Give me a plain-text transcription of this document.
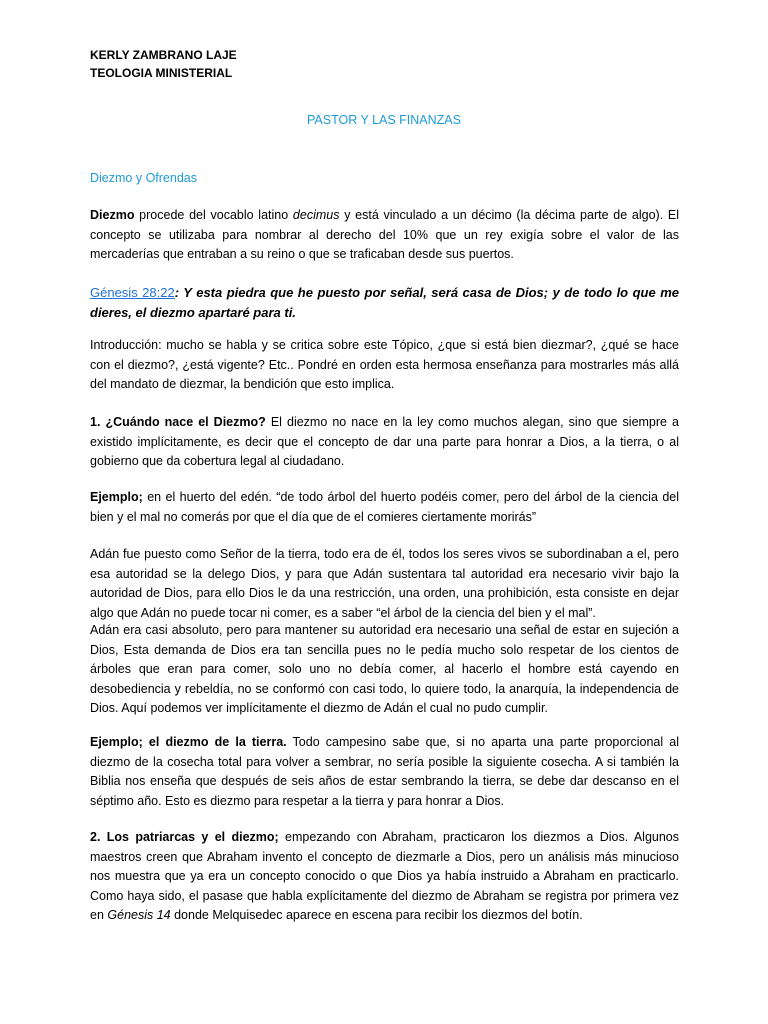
KERLY ZAMBRANO LAJE
TEOLOGIA MINISTERIAL
PASTOR Y LAS FINANZAS
Diezmo y Ofrendas
Diezmo procede del vocablo latino decimus y está vinculado a un décimo (la décima parte de algo). El concepto se utilizaba para nombrar al derecho del 10% que un rey exigía sobre el valor de las mercaderías que entraban a su reino o que se traficaban desde sus puertos.
Génesis 28:22: Y esta piedra que he puesto por señal, será casa de Dios; y de todo lo que me dieres, el diezmo apartaré para ti.
Introducción: mucho se habla y se critica sobre este Tópico, ¿que si está bien diezmar?, ¿qué se hace con el diezmo?, ¿está vigente? Etc.. Pondré en orden esta hermosa enseñanza para mostrarles más allá del mandato de diezmar, la bendición que esto implica.
1. ¿Cuándo nace el Diezmo? El diezmo no nace en la ley como muchos alegan, sino que siempre a existido implícitamente, es decir que el concepto de dar una parte para honrar a Dios, a la tierra, o al gobierno que da cobertura legal al ciudadano.
Ejemplo; en el huerto del edén. “de todo árbol del huerto podéis comer, pero del árbol de la ciencia del bien y el mal no comerás por que el día que de el comieres ciertamente morirás”
Adán fue puesto como Señor de la tierra, todo era de él, todos los seres vivos se subordinaban a el, pero esa autoridad se la delego Dios, y para que Adán sustentara tal autoridad era necesario vivir bajo la autoridad de Dios, para ello Dios le da una restricción, una orden, una prohibición, esta consiste en dejar algo que Adán no puede tocar ni comer, es a saber “el árbol de la ciencia del bien y el mal”.
Adán era casi absoluto, pero para mantener su autoridad era necesario una señal de estar en sujeción a Dios, Esta demanda de Dios era tan sencilla pues no le pedía mucho solo respetar de los cientos de árboles que eran para comer, solo uno no debía comer, al hacerlo el hombre está cayendo en desobediencia y rebeldía, no se conformó con casi todo, lo quiere todo, la anarquía, la independencia de Dios. Aquí podemos ver implícitamente el diezmo de Adán el cual no pudo cumplir.
Ejemplo; el diezmo de la tierra. Todo campesino sabe que, si no aparta una parte proporcional al diezmo de la cosecha total para volver a sembrar, no sería posible la siguiente cosecha. A si también la Biblia nos enseña que después de seis años de estar sembrando la tierra, se debe dar descanso en el séptimo año. Esto es diezmo para respetar a la tierra y para honrar a Dios.
2. Los patriarcas y el diezmo; empezando con Abraham, practicaron los diezmos a Dios. Algunos maestros creen que Abraham invento el concepto de diezmarle a Dios, pero un análisis más minucioso nos muestra que ya era un concepto conocido o que Dios ya había instruido a Abraham en practicarlo. Como haya sido, el pasase que habla explícitamente del diezmo de Abraham se registra por primera vez en Génesis 14 donde Melquisedec aparece en escena para recibir los diezmos del botín.
